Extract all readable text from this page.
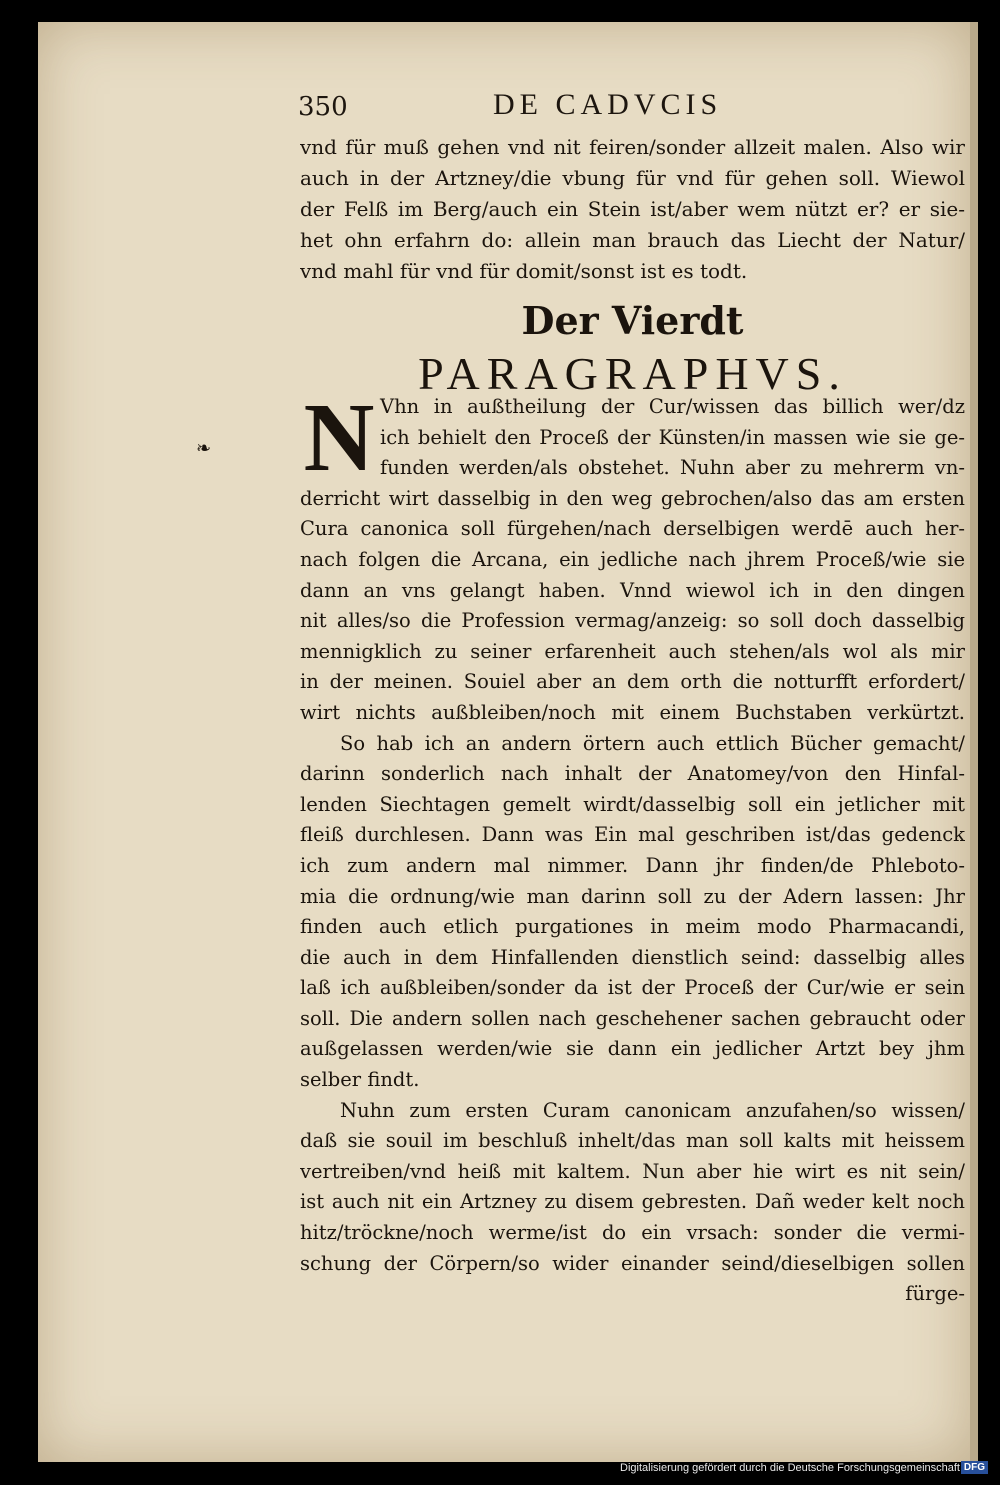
350	DE CADVCIS
vnd für muß gehen vnd nit feiren/sonder allzeit malen. Also wir
auch in der Artzney/die vbung für vnd für gehen soll. Wiewol
der Felß im Berg/auch ein Stein ist/aber wem nützt er? er sie-
het ohn erfahrn do: allein man brauch das Liecht der Natur/
vnd mahl für vnd für domit/sonst ist es todt.
Der Vierdt
PARAGRAPHVS.
❧ N Vhn in außtheilung der Cur/wissen das billich wer/dz
ich behielt den Proceß der Künsten/in massen wie sie ge-
funden werden/als obstehet. Nuhn aber zu mehrerm vn-
derricht wirt dasselbig in den weg gebrochen/also das am ersten
Cura canonica soll fürgehen/nach derselbigen werdē auch her-
nach folgen die Arcana, ein jedliche nach jhrem Proceß/wie sie
dann an vns gelangt haben. Vnnd wiewol ich in den dingen
nit alles/so die Profession vermag/anzeig: so soll doch dasselbig
mennigklich zu seiner erfarenheit auch stehen/als wol als mir
in der meinen. Souiel aber an dem orth die notturfft erfordert/
wirt nichts außbleiben/noch mit einem Buchstaben verkürtzt.
So hab ich an andern örtern auch ettlich Bücher gemacht/
darinn sonderlich nach inhalt der Anatomey/von den Hinfal-
lenden Siechtagen gemelt wirdt/dasselbig soll ein jetlicher mit
fleiß durchlesen. Dann was Ein mal geschriben ist/das gedenck
ich zum andern mal nimmer. Dann jhr finden/de Phleboto-
mia die ordnung/wie man darinn soll zu der Adern lassen: Jhr
finden auch etlich purgationes in meim modo Pharmacandi,
die auch in dem Hinfallenden dienstlich seind: dasselbig alles
laß ich außbleiben/sonder da ist der Proceß der Cur/wie er sein
soll. Die andern sollen nach geschehener sachen gebraucht oder
außgelassen werden/wie sie dann ein jedlicher Artzt bey jhm
selber findt.
Nuhn zum ersten Curam canonicam anzufahen/so wissen/
daß sie souil im beschluß inhelt/das man soll kalts mit heissem
vertreiben/vnd heiß mit kaltem. Nun aber hie wirt es nit sein/
ist auch nit ein Artzney zu disem gebresten. Dañ weder kelt noch
hitz/tröckne/noch werme/ist do ein vrsach: sonder die vermi-
schung der Cörpern/so wider einander seind/dieselbigen sollen
fürge-
Digitalisierung gefördert durch die Deutsche Forschungsgemeinschaft DFG
